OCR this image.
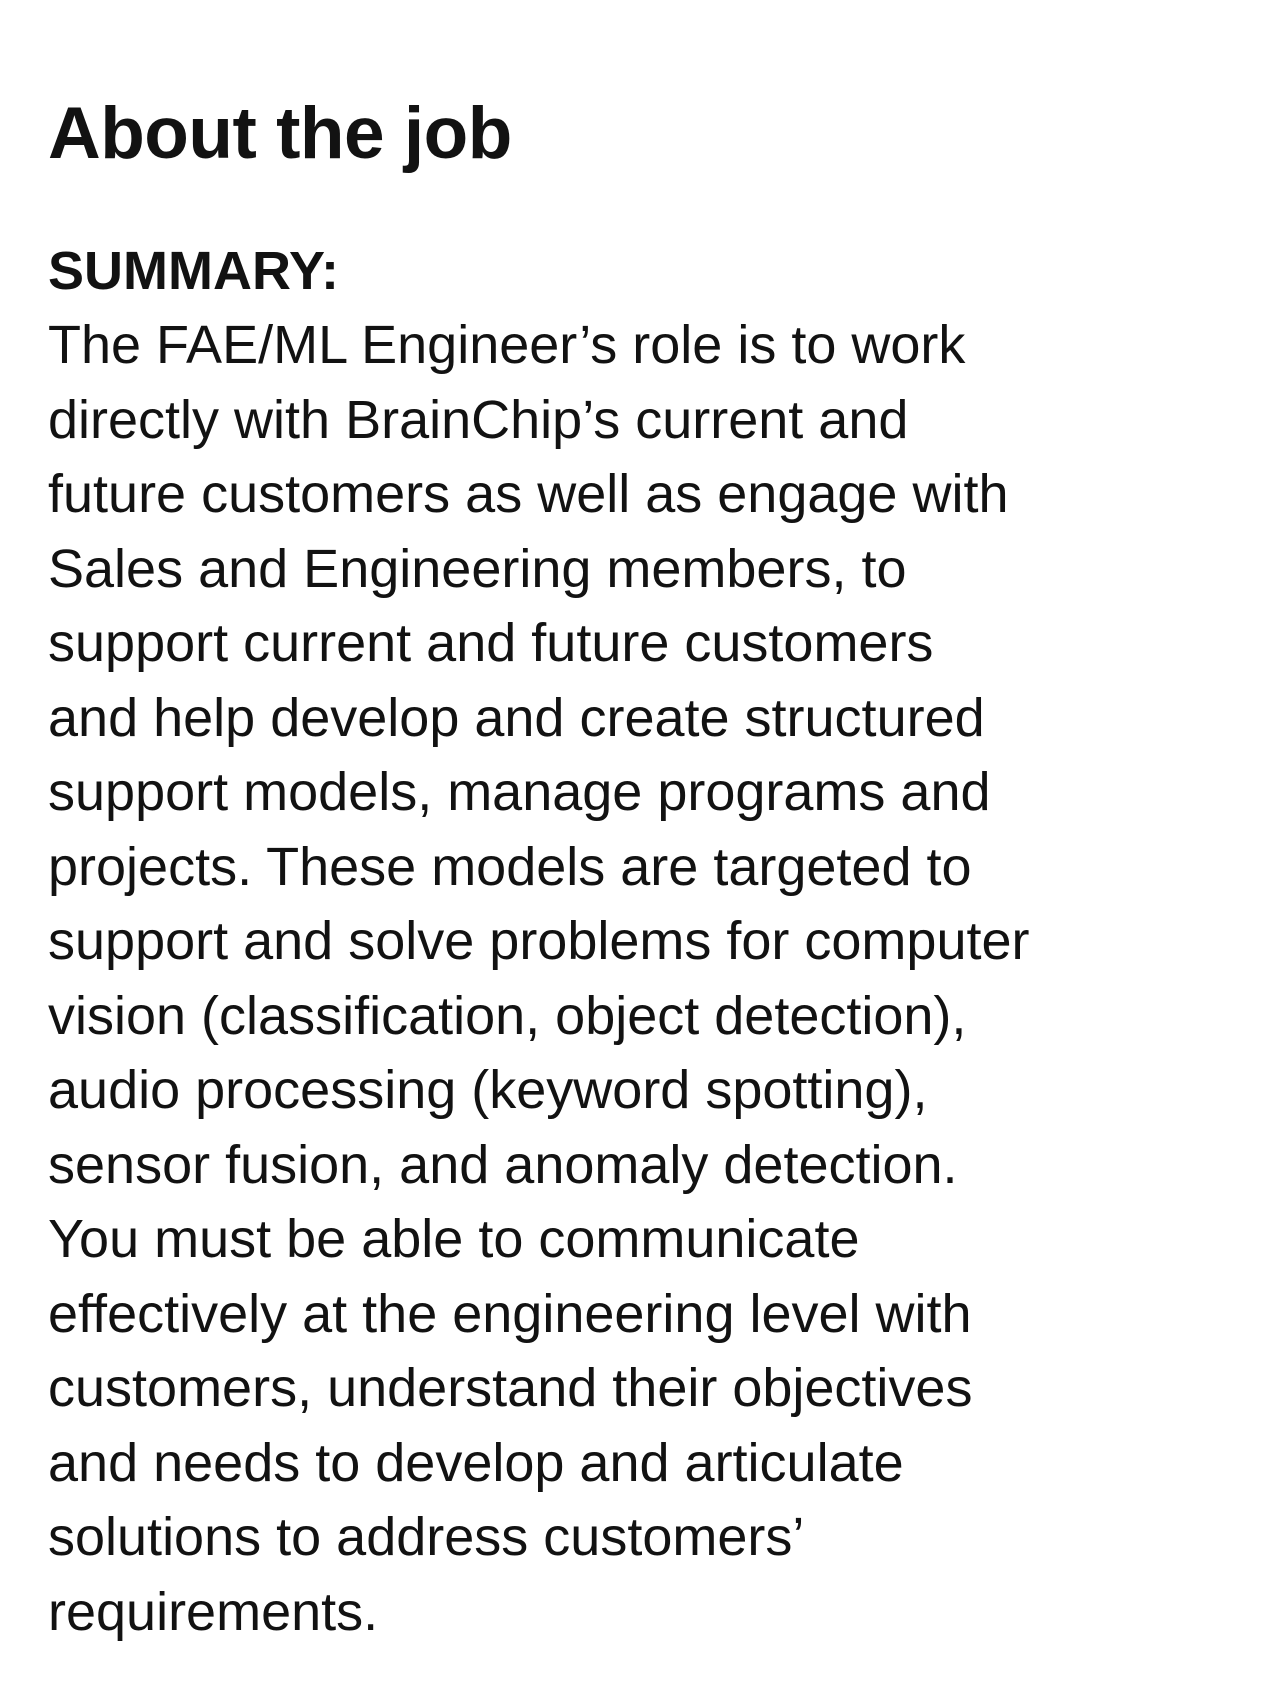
About the job
SUMMARY:

The FAE/ML Engineer’s role is to work
directly with BrainChip’s current and
future customers as well as engage with
Sales and Engineering members, to
support current and future customers
and help develop and create structured
support models, manage programs and
projects. These models are targeted to
support and solve problems for computer
vision (classification, object detection),
audio processing (keyword spotting),
sensor fusion, and anomaly detection.
You must be able to communicate
effectively at the engineering level with
customers, understand their objectives
and needs to develop and articulate
solutions to address customers’
requirements.
